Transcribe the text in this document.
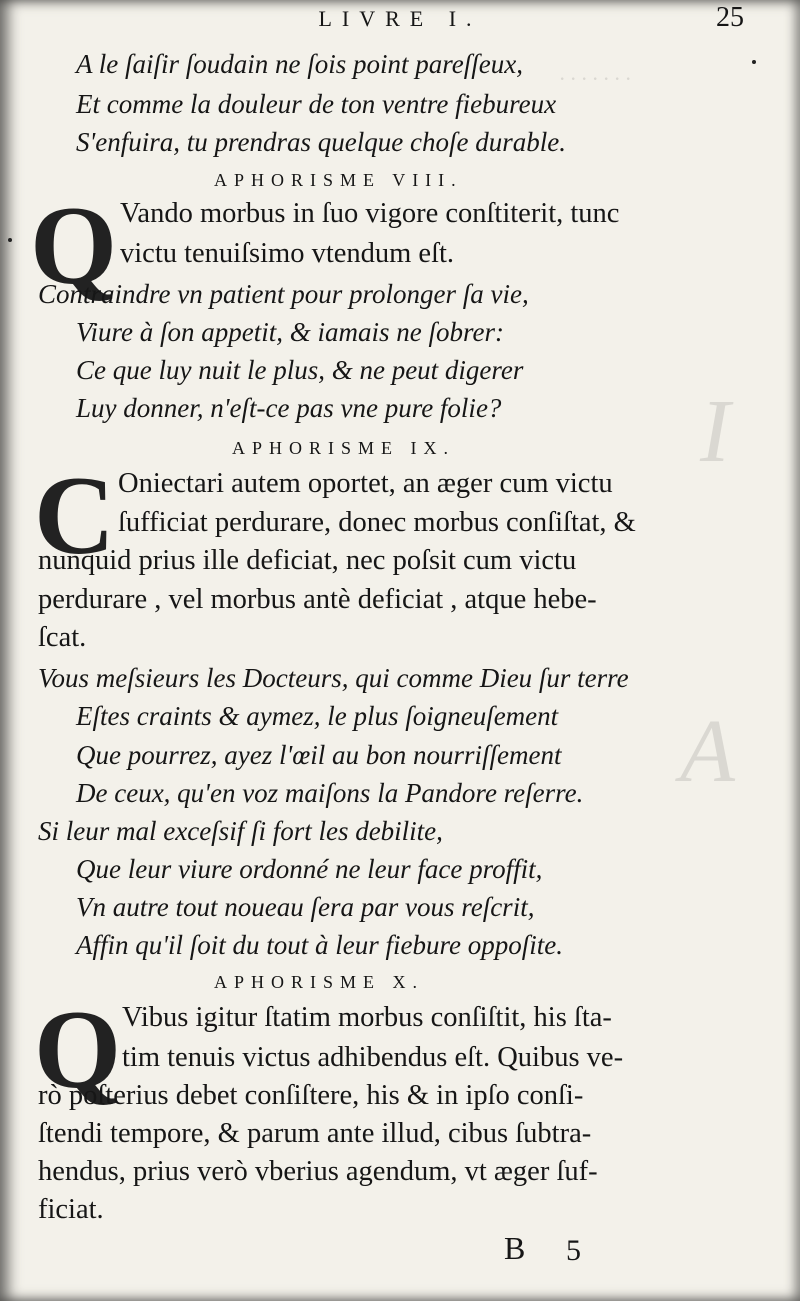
. . . . . . .
I
A
LIVRE I.	25
A le ſaiſir ſoudain ne ſois point pareſſeux,
Et comme la douleur de ton ventre fiebureux
S'enfuira, tu prendras quelque choſe durable.
APHORISME VIII.
Q Vando morbus in ſuo vigore conſtiterit, tunc
victu tenuiſsimo vtendum eſt.
Contraindre vn patient pour prolonger ſa vie,
Viure à ſon appetit, & iamais ne ſobrer:
Ce que luy nuit le plus, & ne peut digerer
Luy donner, n'eſt-ce pas vne pure folie?
APHORISME IX.
C Oniectari autem oportet, an æger cum victu
ſufficiat perdurare, donec morbus conſiſtat, &
nunquid prius ille deficiat, nec poſsit cum victu
perdurare , vel morbus antè deficiat , atque hebe-
ſcat.
Vous meſsieurs les Docteurs, qui comme Dieu ſur terre
Eſtes craints & aymez, le plus ſoigneuſement
Que pourrez, ayez l'œil au bon nourriſſement
De ceux, qu'en voz maiſons la Pandore reſerre.
Si leur mal exceſsif ſi fort les debilite,
Que leur viure ordonné ne leur face proffit,
Vn autre tout noueau ſera par vous reſcrit,
Affin qu'il ſoit du tout à leur fiebure oppoſite.
APHORISME X.
Q Vibus igitur ſtatim morbus conſiſtit, his ſta-
tim tenuis victus adhibendus eſt. Quibus ve-
rò poſterius debet conſiſtere, his & in ipſo conſi-
ſtendi tempore, & parum ante illud, cibus ſubtra-
hendus, prius verò vberius agendum, vt æger ſuf-
ficiat.
B 5
